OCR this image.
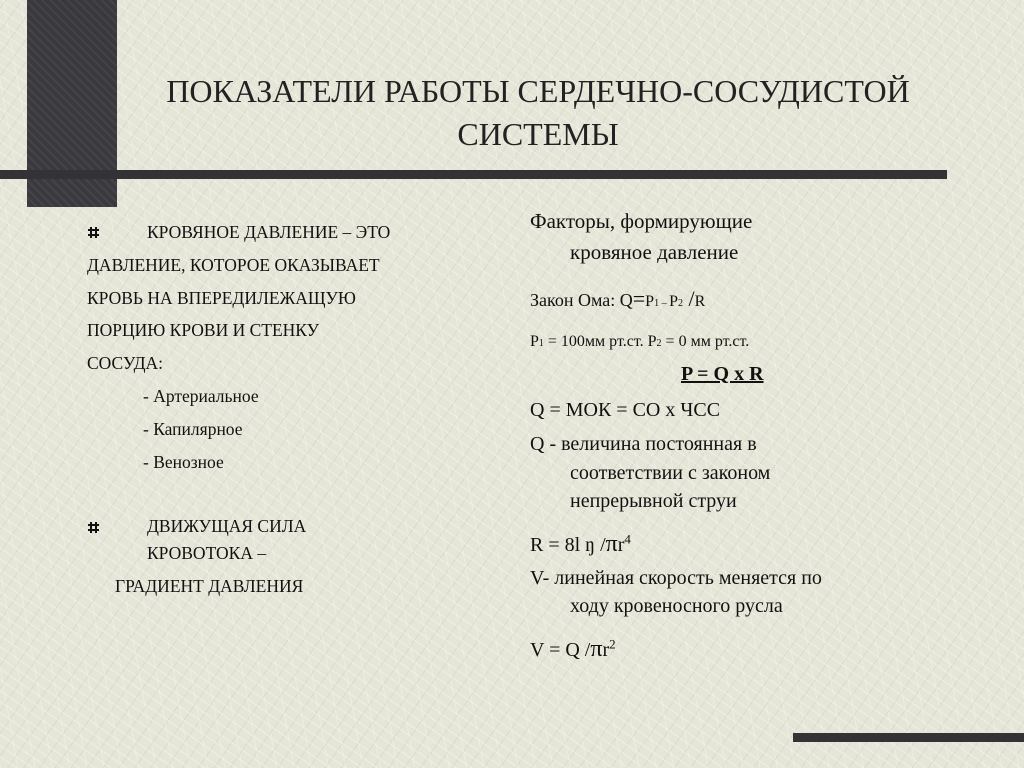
ПОКАЗАТЕЛИ РАБОТЫ СЕРДЕЧНО-СОСУДИСТОЙ
СИСТЕМЫ
КРОВЯНОЕ ДАВЛЕНИЕ – ЭТО
ДАВЛЕНИЕ, КОТОРОЕ ОКАЗЫВАЕТ
КРОВЬ НА ВПЕРЕДИЛЕЖАЩУЮ
ПОРЦИЮ КРОВИ И СТЕНКУ
СОСУДА:
- Артериальное
- Капилярное
- Венозное
ДВИЖУЩАЯ СИЛА
КРОВОТОКА –
ГРАДИЕНТ ДАВЛЕНИЯ
Факторы, формирующие
кровяное давление
Закон Ома: Q=P1 – P2 /R
P1 = 100мм рт.ст. P2 = 0 мм рт.ст.
P = Q x R
Q = МОК = СО х ЧСС
Q - величина постоянная в
соответствии с законом
непрерывной струи
R = 8l ŋ $/\pi r^4$
V- линейная скорость меняется по
ходу кровеносного русла
V = Q $/\pi r^2$
